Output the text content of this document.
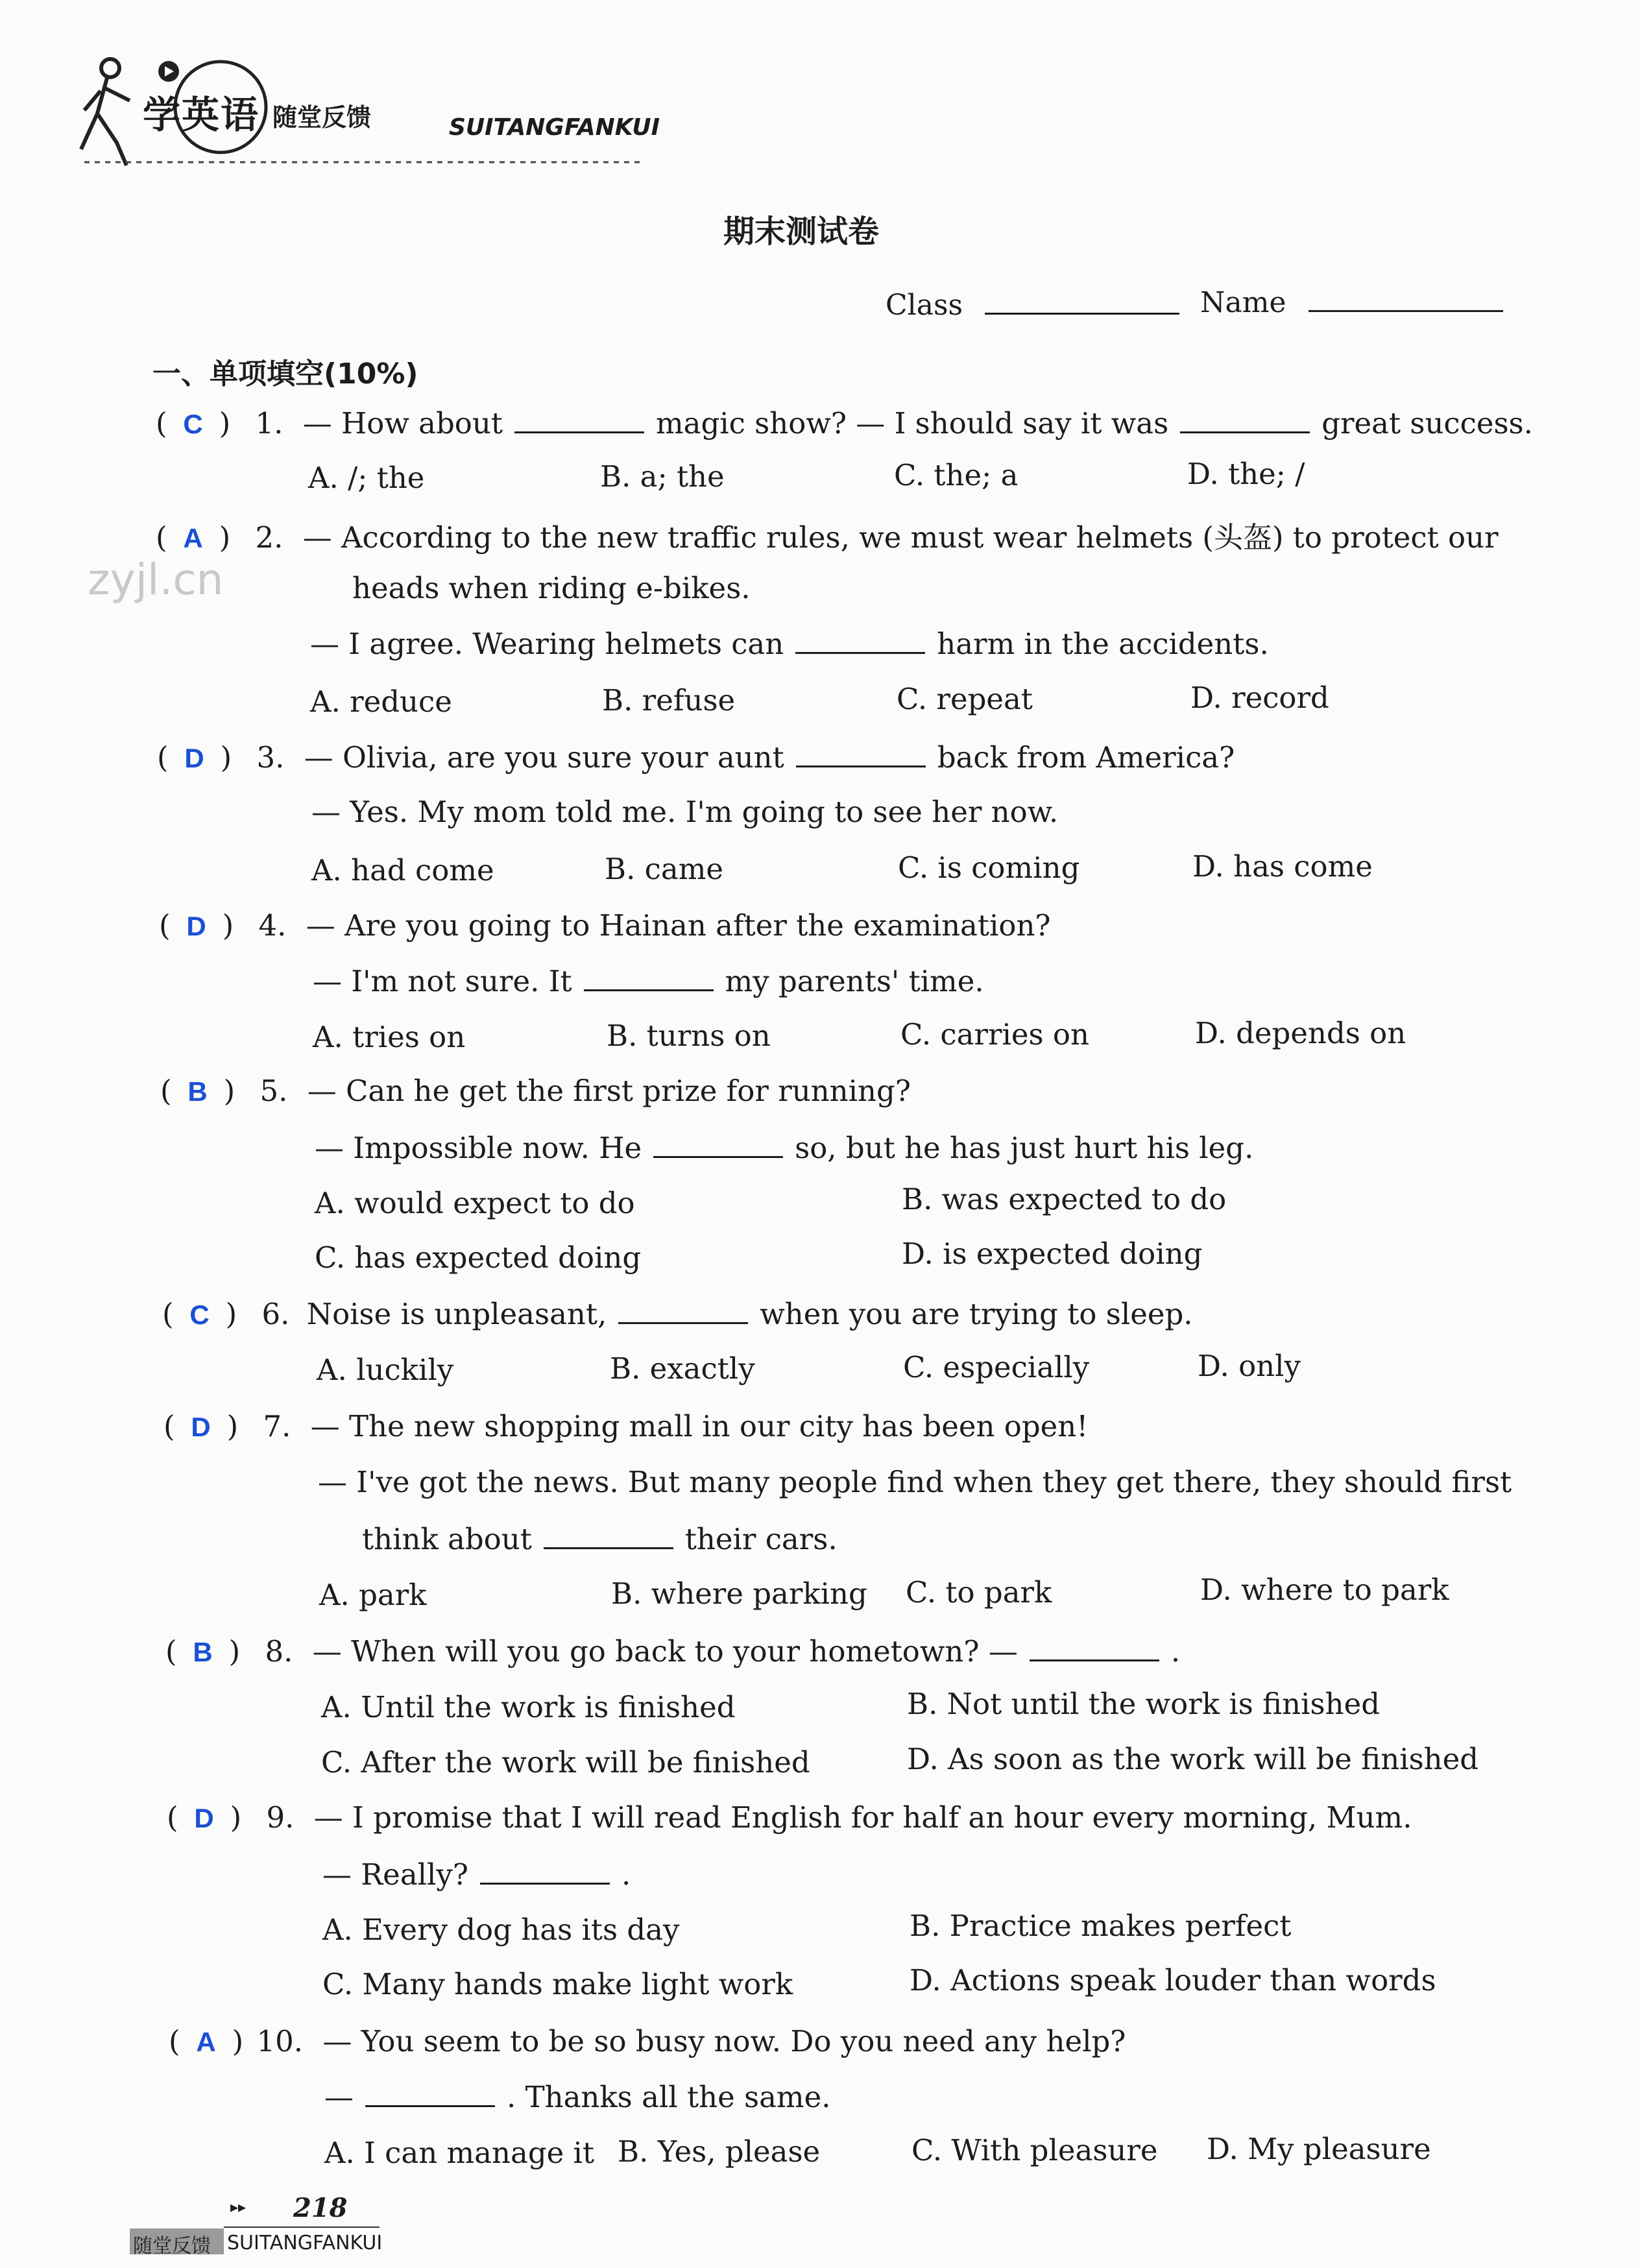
学英语 随堂反馈	SUITANGFANKUI
zyjl.cn
期末测试卷
Class	Name
一、单项填空(10%)
( C ) 1. — How about	magic show? — I should say it was	great success.
A. /; the	B. a; the	C. the; a	D. the; /
( A ) 2. — According to the new traffic rules, we must wear helmets (头盔) to protect our
heads when riding e-bikes.
— I agree. Wearing helmets can	harm in the accidents.
A. reduce	B. refuse	C. repeat	D. record
( D ) 3. — Olivia, are you sure your aunt	back from America?
— Yes. My mom told me. I'm going to see her now.
A. had come	B. came	C. is coming	D. has come
( D ) 4. — Are you going to Hainan after the examination?
— I'm not sure. It	my parents' time.
A. tries on	B. turns on	C. carries on	D. depends on
( B ) 5. — Can he get the first prize for running?
— Impossible now. He	so, but he has just hurt his leg.
A. would expect to do	B. was expected to do
C. has expected doing	D. is expected doing
( C ) 6. Noise is unpleasant,	when you are trying to sleep.
A. luckily	B. exactly	C. especially	D. only
( D ) 7. — The new shopping mall in our city has been open!
— I've got the news. But many people find when they get there, they should first
think about	their cars.
A. park	B. where parking C. to park	D. where to park
( B ) 8. — When will you go back to your hometown? —	.
A. Until the work is finished	B. Not until the work is finished
C. After the work will be finished	D. As soon as the work will be finished
( D ) 9. — I promise that I will read English for half an hour every morning, Mum.
— Really?	.
A. Every dog has its day	B. Practice makes perfect
C. Many hands make light work	D. Actions speak louder than words
( A ) 10. — You seem to be so busy now. Do you need any help?
—	. Thanks all the same.
A. I can manage it B. Yes, please	C. With pleasure D. My pleasure
▸▸ 218
随堂反馈 SUITANGFANKUI
